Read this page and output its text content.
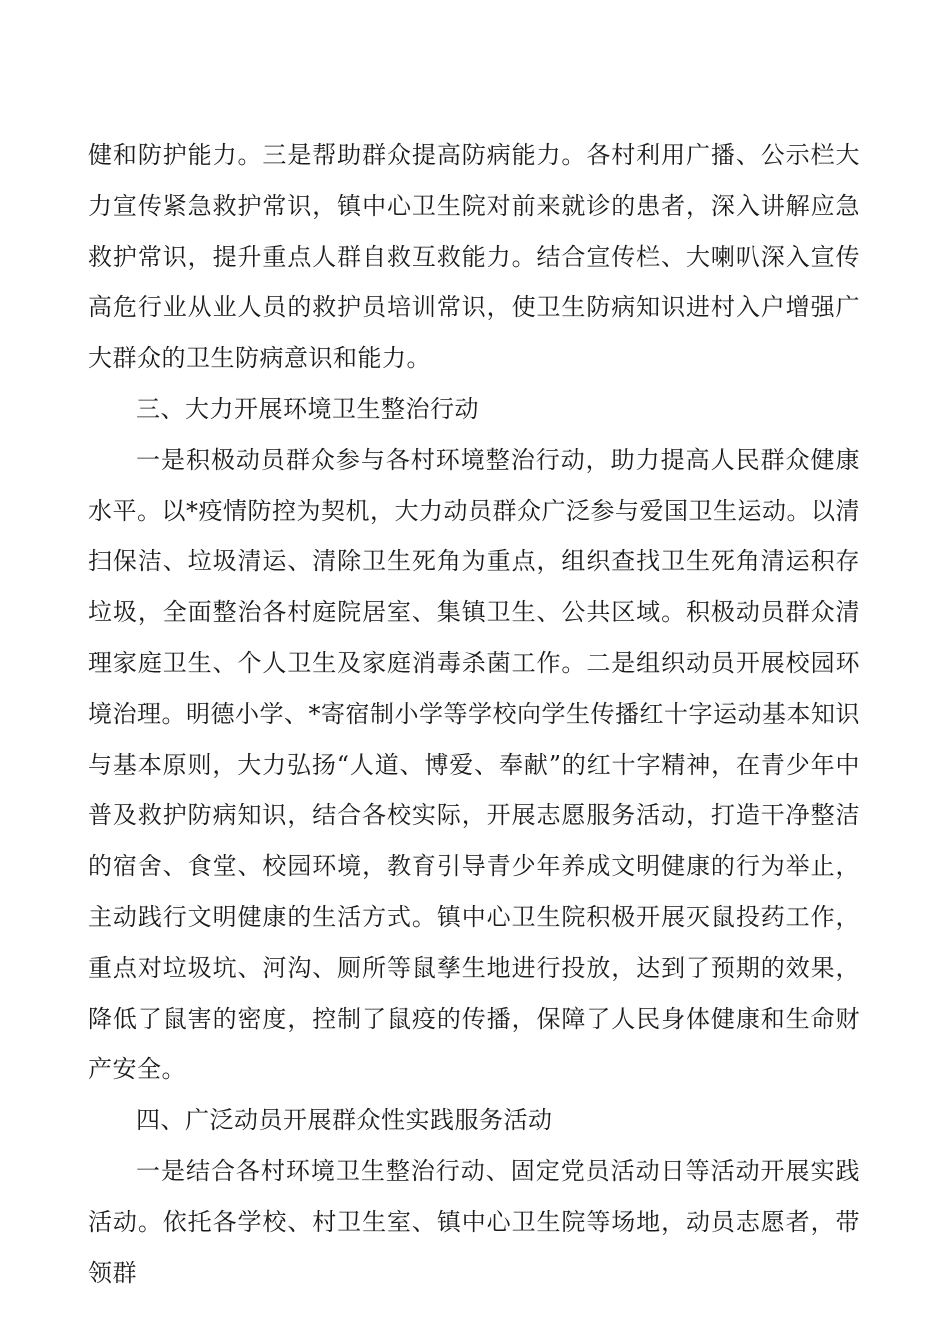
健和防护能力。三是帮助群众提高防病能力。各村利用广播、公示栏大力宣传紧急救护常识，镇中心卫生院对前来就诊的患者，深入讲解应急救护常识，提升重点人群自救互救能力。结合宣传栏、大喇叭深入宣传高危行业从业人员的救护员培训常识，使卫生防病知识进村入户增强广大群众的卫生防病意识和能力。

三、大力开展环境卫生整治行动

一是积极动员群众参与各村环境整治行动，助力提高人民群众健康水平。以*疫情防控为契机，大力动员群众广泛参与爱国卫生运动。以清扫保洁、垃圾清运、清除卫生死角为重点，组织查找卫生死角清运积存垃圾，全面整治各村庭院居室、集镇卫生、公共区域。积极动员群众清理家庭卫生、个人卫生及家庭消毒杀菌工作。二是组织动员开展校园环境治理。明德小学、*寄宿制小学等学校向学生传播红十字运动基本知识与基本原则，大力弘扬“人道、博爱、奉献”的红十字精神，在青少年中普及救护防病知识，结合各校实际，开展志愿服务活动，打造干净整洁的宿舍、食堂、校园环境，教育引导青少年养成文明健康的行为举止，主动践行文明健康的生活方式。镇中心卫生院积极开展灭鼠投药工作，重点对垃圾坑、河沟、厕所等鼠孳生地进行投放，达到了预期的效果，降低了鼠害的密度，控制了鼠疫的传播，保障了人民身体健康和生命财产安全。

四、广泛动员开展群众性实践服务活动

一是结合各村环境卫生整治行动、固定党员活动日等活动开展实践活动。依托各学校、村卫生室、镇中心卫生院等场地，动员志愿者，带领群
